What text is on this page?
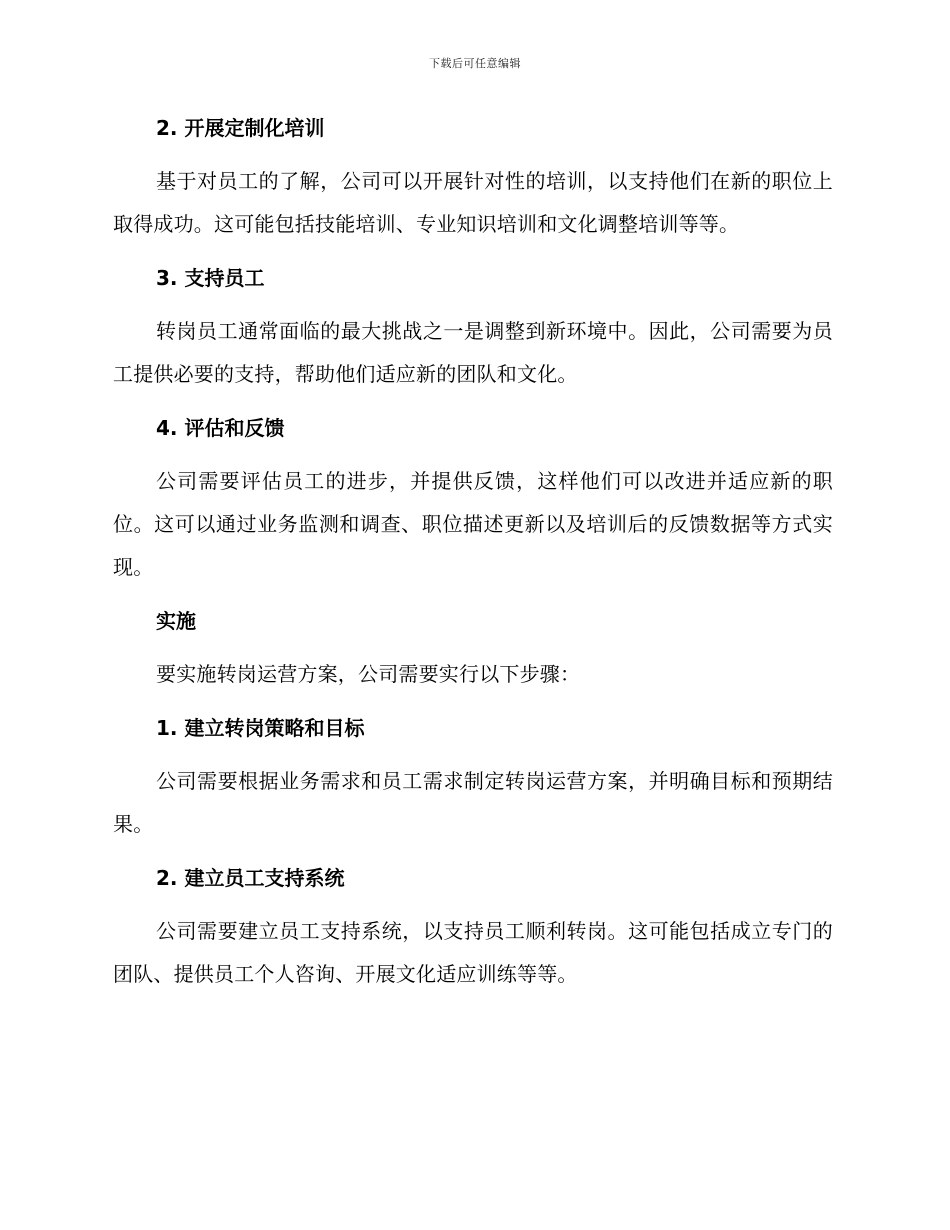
下载后可任意编辑
2. 开展定制化培训
基于对员工的了解，公司可以开展针对性的培训，以支持他们在新的职位上取得成功。这可能包括技能培训、专业知识培训和文化调整培训等等。
3. 支持员工
转岗员工通常面临的最大挑战之一是调整到新环境中。因此，公司需要为员工提供必要的支持，帮助他们适应新的团队和文化。
4. 评估和反馈
公司需要评估员工的进步，并提供反馈，这样他们可以改进并适应新的职位。这可以通过业务监测和调查、职位描述更新以及培训后的反馈数据等方式实现。
实施
要实施转岗运营方案，公司需要实行以下步骤：
1. 建立转岗策略和目标
公司需要根据业务需求和员工需求制定转岗运营方案，并明确目标和预期结果。
2. 建立员工支持系统
公司需要建立员工支持系统，以支持员工顺利转岗。这可能包括成立专门的团队、提供员工个人咨询、开展文化适应训练等等。
